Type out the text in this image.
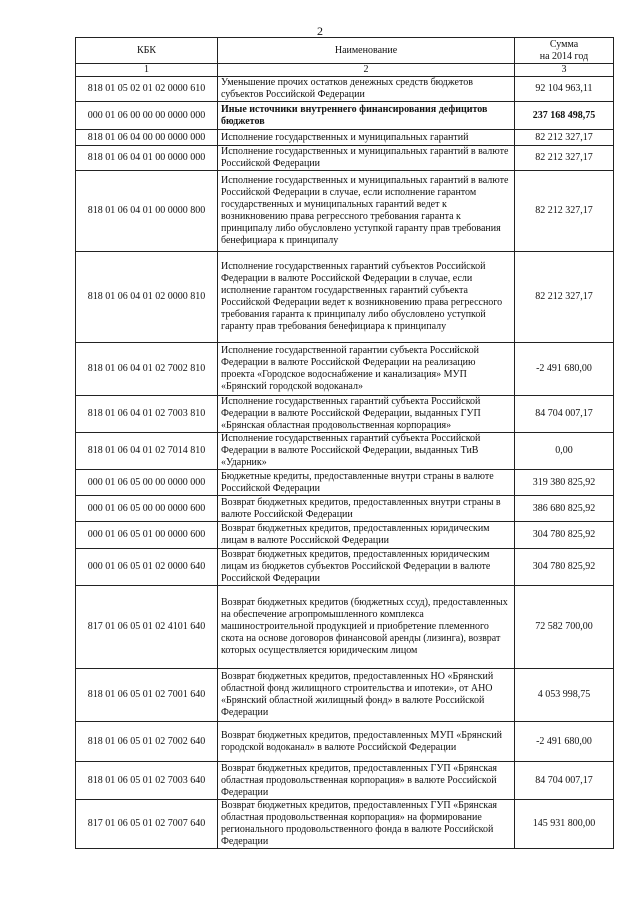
2
КБК	Наименование	Сумма
на 2014 год
1	2	3
818 01 05 02 01 02 0000 610	Уменьшение прочих остатков денежных средств бюджетов субъектов Российской Федерации	92 104 963,11
000 01 06 00 00 00 0000 000	Иные источники внутреннего финансирования дефицитов бюджетов	237 168 498,75
818 01 06 04 00 00 0000 000	Исполнение государственных и муниципальных гарантий	82 212 327,17
818 01 06 04 01 00 0000 000	Исполнение государственных и муниципальных гарантий в валюте Российской Федерации	82 212 327,17
818 01 06 04 01 00 0000 800	Исполнение государственных и муниципальных гарантий в валюте Российской Федерации в случае, если исполнение гарантом государственных и муниципальных гарантий ведет к возникновению права регрессного требования гаранта к принципалу либо обусловлено уступкой гаранту прав требования бенефициара к принципалу	82 212 327,17
818 01 06 04 01 02 0000 810	Исполнение государственных гарантий субъектов Российской Федерации в валюте Российской Федерации в случае, если исполнение гарантом государственных гарантий субъекта Российской Федерации ведет к возникновению права регрессного требования гаранта к принципалу либо обусловлено уступкой гаранту прав требования бенефициара к принципалу	82 212 327,17
818 01 06 04 01 02 7002 810	Исполнение государственной гарантии субъекта Российской Федерации в валюте Российской Федерации на реализацию проекта «Городское водоснабжение и канализация» МУП «Брянский городской водоканал»	-2 491 680,00
818 01 06 04 01 02 7003 810	Исполнение государственных гарантий субъекта Российской Федерации в валюте Российской Федерации, выданных ГУП «Брянская областная продовольственная корпорация»	84 704 007,17
818 01 06 04 01 02 7014 810	Исполнение государственных гарантий субъекта Российской Федерации в валюте Российской Федерации, выданных ТиВ «Ударник»	0,00
000 01 06 05 00 00 0000 000	Бюджетные кредиты, предоставленные внутри страны в валюте Российской Федерации	319 380 825,92
000 01 06 05 00 00 0000 600	Возврат бюджетных кредитов, предоставленных внутри страны в валюте Российской Федерации	386 680 825,92
000 01 06 05 01 00 0000 600	Возврат бюджетных кредитов, предоставленных юридическим лицам в валюте Российской Федерации	304 780 825,92
000 01 06 05 01 02 0000 640	Возврат бюджетных кредитов, предоставленных юридическим лицам из бюджетов субъектов Российской Федерации в валюте Российской Федерации	304 780 825,92
817 01 06 05 01 02 4101 640	Возврат бюджетных кредитов (бюджетных ссуд), предоставленных на обеспечение агропромышленного комплекса машиностроительной продукцией и приобретение племенного скота на основе договоров финансовой аренды (лизинга), возврат которых осуществляется юридическим лицом	72 582 700,00
818 01 06 05 01 02 7001 640	Возврат бюджетных кредитов, предоставленных НО «Брянский областной фонд жилищного строительства и ипотеки», от АНО «Брянский областной жилищный фонд» в валюте Российской Федерации	4 053 998,75
818 01 06 05 01 02 7002 640	Возврат бюджетных кредитов, предоставленных МУП «Брянский городской водоканал» в валюте Российской Федерации	-2 491 680,00
818 01 06 05 01 02 7003 640	Возврат бюджетных кредитов, предоставленных ГУП «Брянская областная продовольственная корпорация» в валюте Российской Федерации	84 704 007,17
817 01 06 05 01 02 7007 640	Возврат бюджетных кредитов, предоставленных ГУП «Брянская областная продовольственная корпорация» на формирование регионального продовольственного фонда в валюте Российской Федерации	145 931 800,00
